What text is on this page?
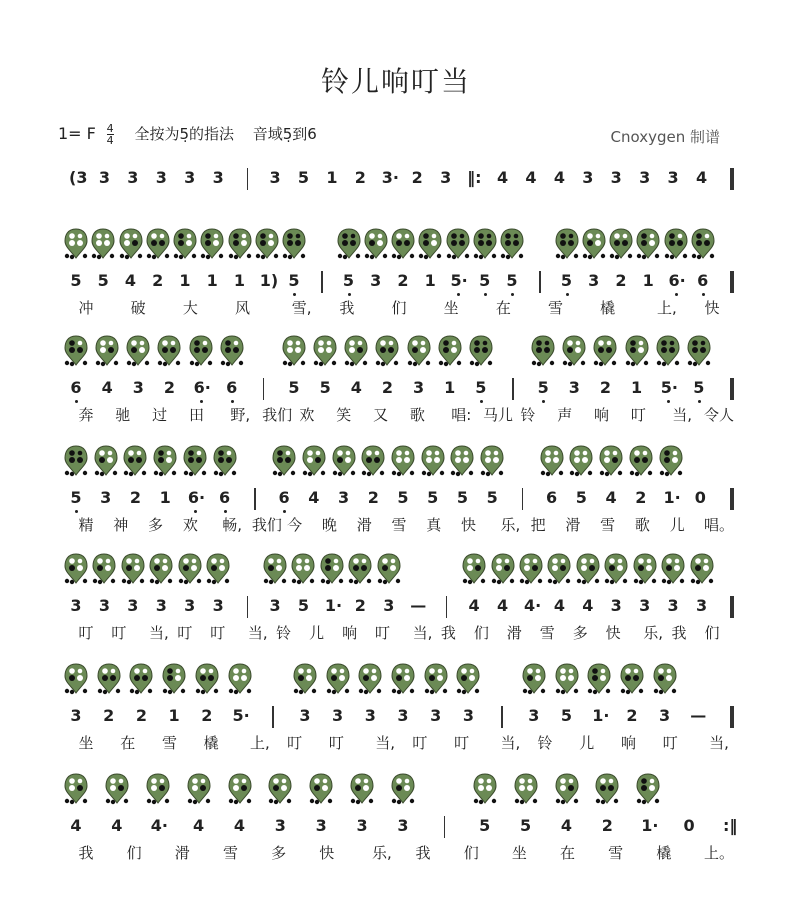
铃儿响叮当
1= F $\frac{4}{4}$ 全按为5̣的指法 音域5̣到6	Cnoxygen 制谱
(3 3 3 3 3 3	3 5 1 2 3· 2 3 ‖: 4 4 4 3 3 3 3 4
5 5 4 2 1 1 1 1) 5	5 3 2 1 5· 5 5	5 3 2 1 6· 6
冲 破 大 风	雪,	我 们 坐 在 雪 橇	上,	快
6 4 3 2 6· 6	5 5 4 2 3 1 5	5 3 2 1 5· 5
奔 驰 过 田	野, 我们 欢 笑 又 歌	唱: 马儿 铃 声 响 叮	当, 令人
5 3 2 1 6· 6	6 4 3 2 5 5 5 5	6 5 4 2 1· 0
精 神 多 欢	畅, 我们 今 晚 滑 雪 真 快	乐, 把 滑 雪 歌 儿 唱。
3 3 3 3 3 3	3 5 1· 2 3 —	4 4 4· 4 4 3 3 3 3
叮 叮	当, 叮 叮	当, 铃 儿 响 叮	当, 我 们 滑 雪 多 快	乐, 我 们
3 2 2 1 2 5·	3 3 3 3 3 3	3 5 1· 2 3 —
坐 在 雪 橇	上,	叮 叮	当,	叮 叮	当,	铃 儿 响 叮	当,
4 4 4· 4 4 3 3 3 3	5 5 4 2 1· 0 :‖
我 们 滑 雪 多 快	乐,	我 们 坐 在 雪 橇 上。
